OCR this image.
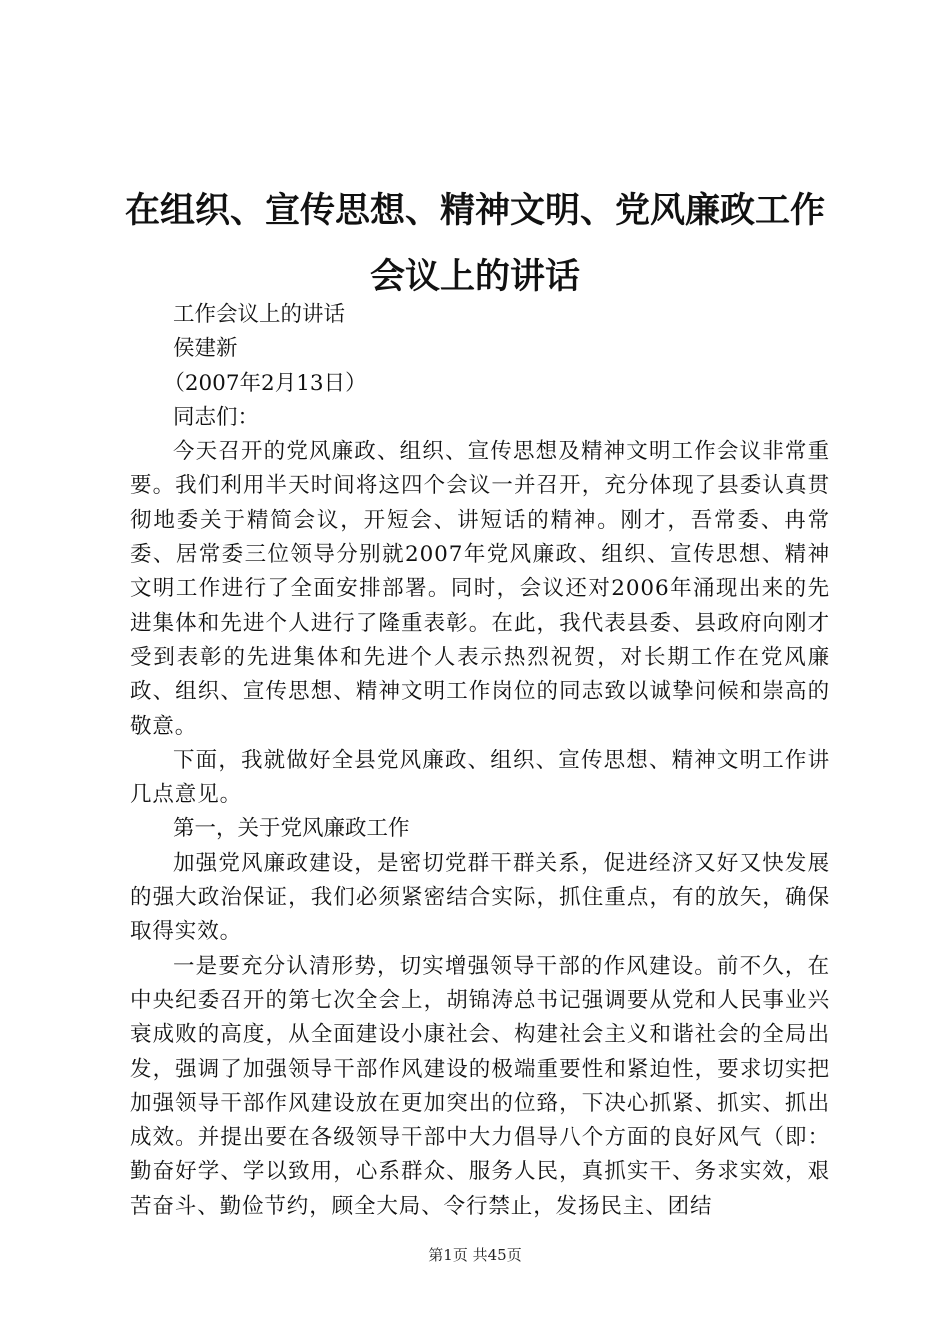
在组织、宣传思想、精神文明、党风廉政工作
会议上的讲话

工作会议上的讲话

侯建新

（2007年2月13日）

同志们：

今天召开的党风廉政、组织、宣传思想及精神文明工作会议非常重要。我们利用半天时间将这四个会议一并召开，充分体现了县委认真贯彻地委关于精简会议，开短会、讲短话的精神。刚才，吾常委、冉常委、居常委三位领导分别就2007年党风廉政、组织、宣传思想、精神文明工作进行了全面安排部署。同时，会议还对2006年涌现出来的先进集体和先进个人进行了隆重表彰。在此，我代表县委、县政府向刚才受到表彰的先进集体和先进个人表示热烈祝贺，对长期工作在党风廉政、组织、宣传思想、精神文明工作岗位的同志致以诚挚问候和崇高的敬意。

下面，我就做好全县党风廉政、组织、宣传思想、精神文明工作讲几点意见。

第一，关于党风廉政工作

加强党风廉政建设，是密切党群干群关系，促进经济又好又快发展的强大政治保证，我们必须紧密结合实际，抓住重点，有的放矢，确保取得实效。

一是要充分认清形势，切实增强领导干部的作风建设。前不久，在中央纪委召开的第七次全会上，胡锦涛总书记强调要从党和人民事业兴衰成败的高度，从全面建设小康社会、构建社会主义和谐社会的全局出发，强调了加强领导干部作风建设的极端重要性和紧迫性，要求切实把加强领导干部作风建设放在更加突出的位臵，下决心抓紧、抓实、抓出成效。并提出要在各级领导干部中大力倡导八个方面的良好风气（即：勤奋好学、学以致用，心系群众、服务人民，真抓实干、务求实效，艰苦奋斗、勤俭节约，顾全大局、令行禁止，发扬民主、团结

第1页 共45页
